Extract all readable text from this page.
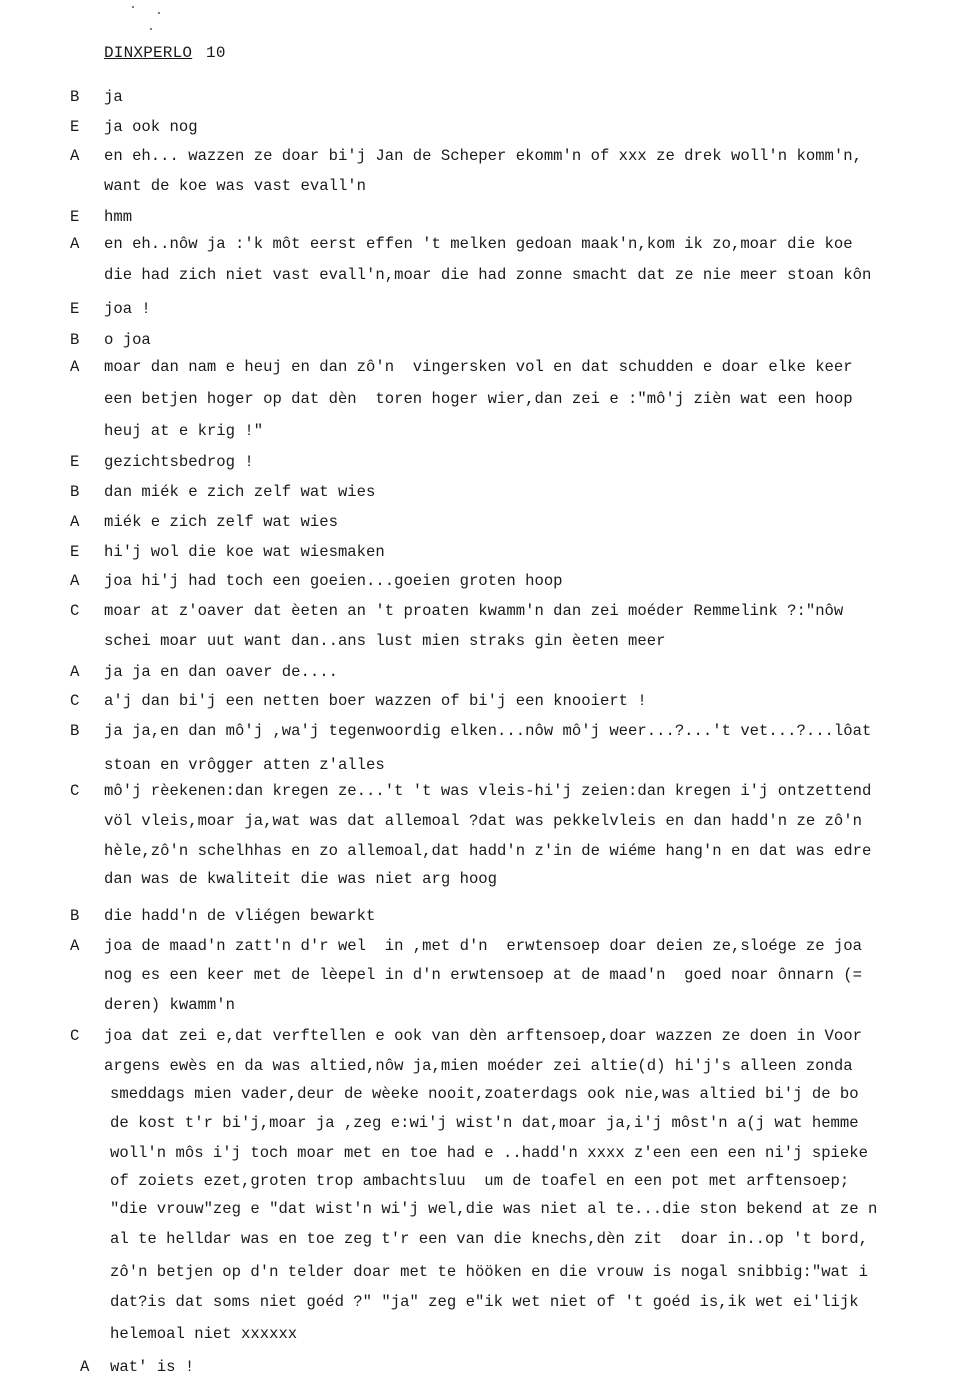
DINXPERLO 10
B ja
E ja ook nog
A en eh... wazzen ze doar bi'j Jan de Scheper ekomm'n of xxx ze drek woll'n komm'n,
want de koe was vast evall'n
E hmm
A en eh..nôw ja :'k môt eerst effen 't melken gedoan maak'n,kom ik zo,moar die koe
die had zich niet vast evall'n,moar die had zonne smacht dat ze nie meer stoan kôn
E joa !
B o joa
A moar dan nam e heuj en dan zô'n  vingersken vol en dat schudden e doar elke keer
een betjen hoger op dat dèn  toren hoger wier,dan zei e :"mô'j zièn wat een hoop
heuj at e krig !"
E gezichtsbedrog !
B dan miék e zich zelf wat wies
A miék e zich zelf wat wies
E hi'j wol die koe wat wiesmaken
A joa hi'j had toch een goeien...goeien groten hoop
C moar at z'oaver dat èeten an 't proaten kwamm'n dan zei moéder Remmelink ?:"nôw
schei moar uut want dan..ans lust mien straks gin èeten meer
A ja ja en dan oaver de....
C a'j dan bi'j een netten boer wazzen of bi'j een knooiert !
B ja ja,en dan mô'j ,wa'j tegenwoordig elken...nôw mô'j weer...?...'t vet...?...lôat
stoan en vrôgger atten z'alles
C mô'j rèekenen:dan kregen ze...'t 't was vleis-hi'j zeien:dan kregen i'j ontzettend
völ vleis,moar ja,wat was dat allemoal ?dat was pekkelvleis en dan hadd'n ze zô'n
hèle,zô'n schelhhas en zo allemoal,dat hadd'n z'in de wiéme hang'n en dat was edre
dan was de kwaliteit die was niet arg hoog
B die hadd'n de vliégen bewarkt
A joa de maad'n zatt'n d'r wel  in ,met d'n  erwtensoep doar deien ze,sloége ze joa
nog es een keer met de lèepel in d'n erwtensoep at de maad'n  goed noar ônnarn (=
deren) kwamm'n
C joa dat zei e,dat verftellen e ook van dèn arftensoep,doar wazzen ze doen in Voor
argens ewès en da was altied,nôw ja,mien moéder zei altie(d) hi'j's alleen zonda
smeddags mien vader,deur de wèeke nooit,zoaterdags ook nie,was altied bi'j de bo
de kost t'r bi'j,moar ja ,zeg e:wi'j wist'n dat,moar ja,i'j môst'n a(j wat hemme
woll'n môs i'j toch moar met en toe had e ..hadd'n xxxx z'een een een ni'j spieke
of zoiets ezet,groten trop ambachtsluu  um de toafel en een pot met arftensoep;
"die vrouw"zeg e "dat wist'n wi'j wel,die was niet al te...die ston bekend at ze n
al te helldar was en toe zeg t'r een van die knechs,dèn zit  doar in..op 't bord,
zô'n betjen op d'n telder doar met te hööken en die vrouw is nogal snibbig:"wat i
dat?is dat soms niet goéd ?" "ja" zeg e"ik wet niet of 't goéd is,ik wet ei'lijk
helemoal niet xxxxxx
A wat' is !
